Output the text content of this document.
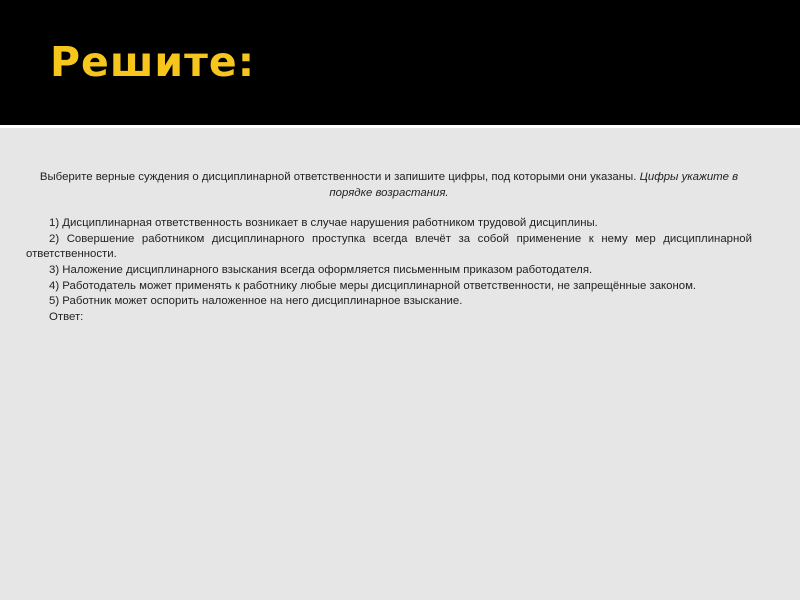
Решите:

Выберите верные суждения о дисциплинарной ответственности и запишите цифры, под которыми они указаны. Цифры укажите в порядке возрастания.

1) Дисциплинарная ответственность возникает в случае нарушения работником трудовой дисциплины.

2) Совершение работником дисциплинарного проступка всегда влечёт за собой применение к нему мер дисциплинарной ответственности.

3) Наложение дисциплинарного взыскания всегда оформляется письменным приказом работодателя.

4) Работодатель может применять к работнику любые меры дисциплинарной ответственности, не запрещённые законом.

5) Работник может оспорить наложенное на него дисциплинарное взыскание.

Ответ:
